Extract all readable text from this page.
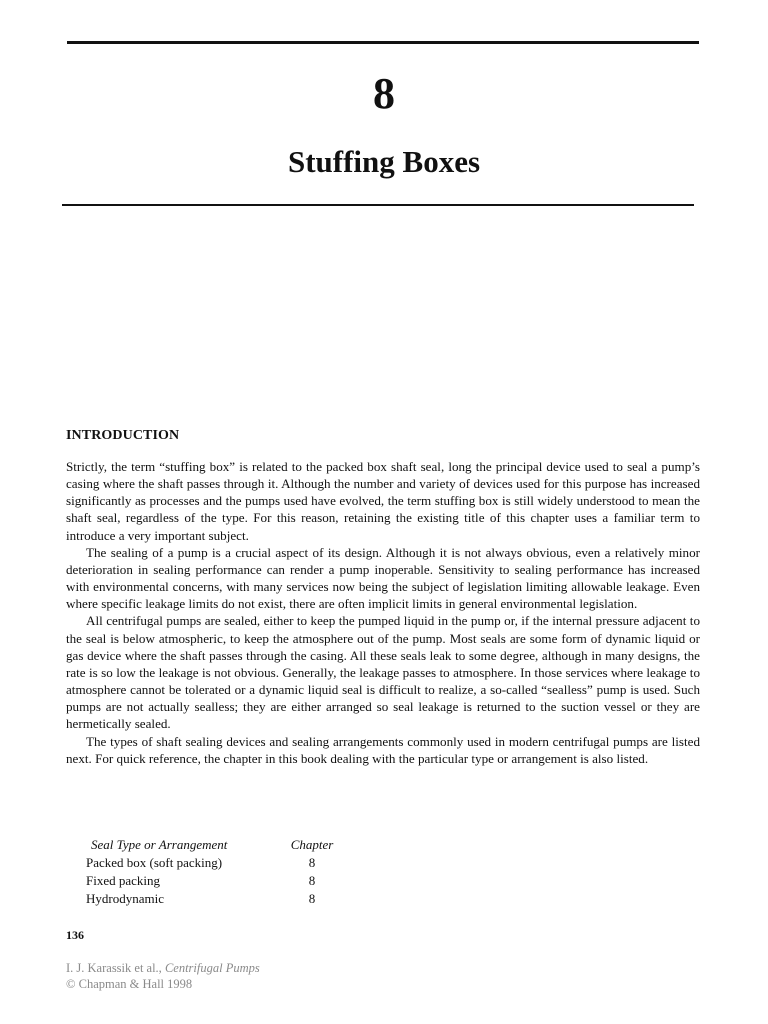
8
Stuffing Boxes
INTRODUCTION

Strictly, the term “stuffing box” is related to the packed box shaft seal, long the principal device used to seal a pump’s casing where the shaft passes through it. Although the number and variety of devices used for this purpose has increased significantly as processes and the pumps used have evolved, the term stuffing box is still widely understood to mean the shaft seal, regardless of the type. For this reason, retaining the existing title of this chapter uses a familiar term to introduce a very important subject.

The sealing of a pump is a crucial aspect of its design. Although it is not always obvious, even a relatively minor deterioration in sealing performance can render a pump inoperable. Sensitivity to sealing performance has increased with environmental concerns, with many services now being the subject of legislation limiting allowable leakage. Even where specific leakage limits do not exist, there are often implicit limits in general environmental legislation.

All centrifugal pumps are sealed, either to keep the pumped liquid in the pump or, if the internal pressure adjacent to the seal is below atmospheric, to keep the atmosphere out of the pump. Most seals are some form of dynamic liquid or gas device where the shaft passes through the casing. All these seals leak to some degree, although in many designs, the rate is so low the leakage is not obvious. Generally, the leakage passes to atmosphere. In those services where leakage to atmosphere cannot be tolerated or a dynamic liquid seal is difficult to realize, a so-called “sealless” pump is used. Such pumps are not actually sealless; they are either arranged so seal leakage is returned to the suction vessel or they are hermetically sealed.

The types of shaft sealing devices and sealing arrangements commonly used in modern centrifugal pumps are listed next. For quick reference, the chapter in this book dealing with the particular type or arrangement is also listed.

Seal Type or Arrangement	Chapter
Packed box (soft packing)	8
Fixed packing	8
Hydrodynamic	8
136
I. J. Karassik et al., Centrifugal Pumps
© Chapman & Hall 1998
